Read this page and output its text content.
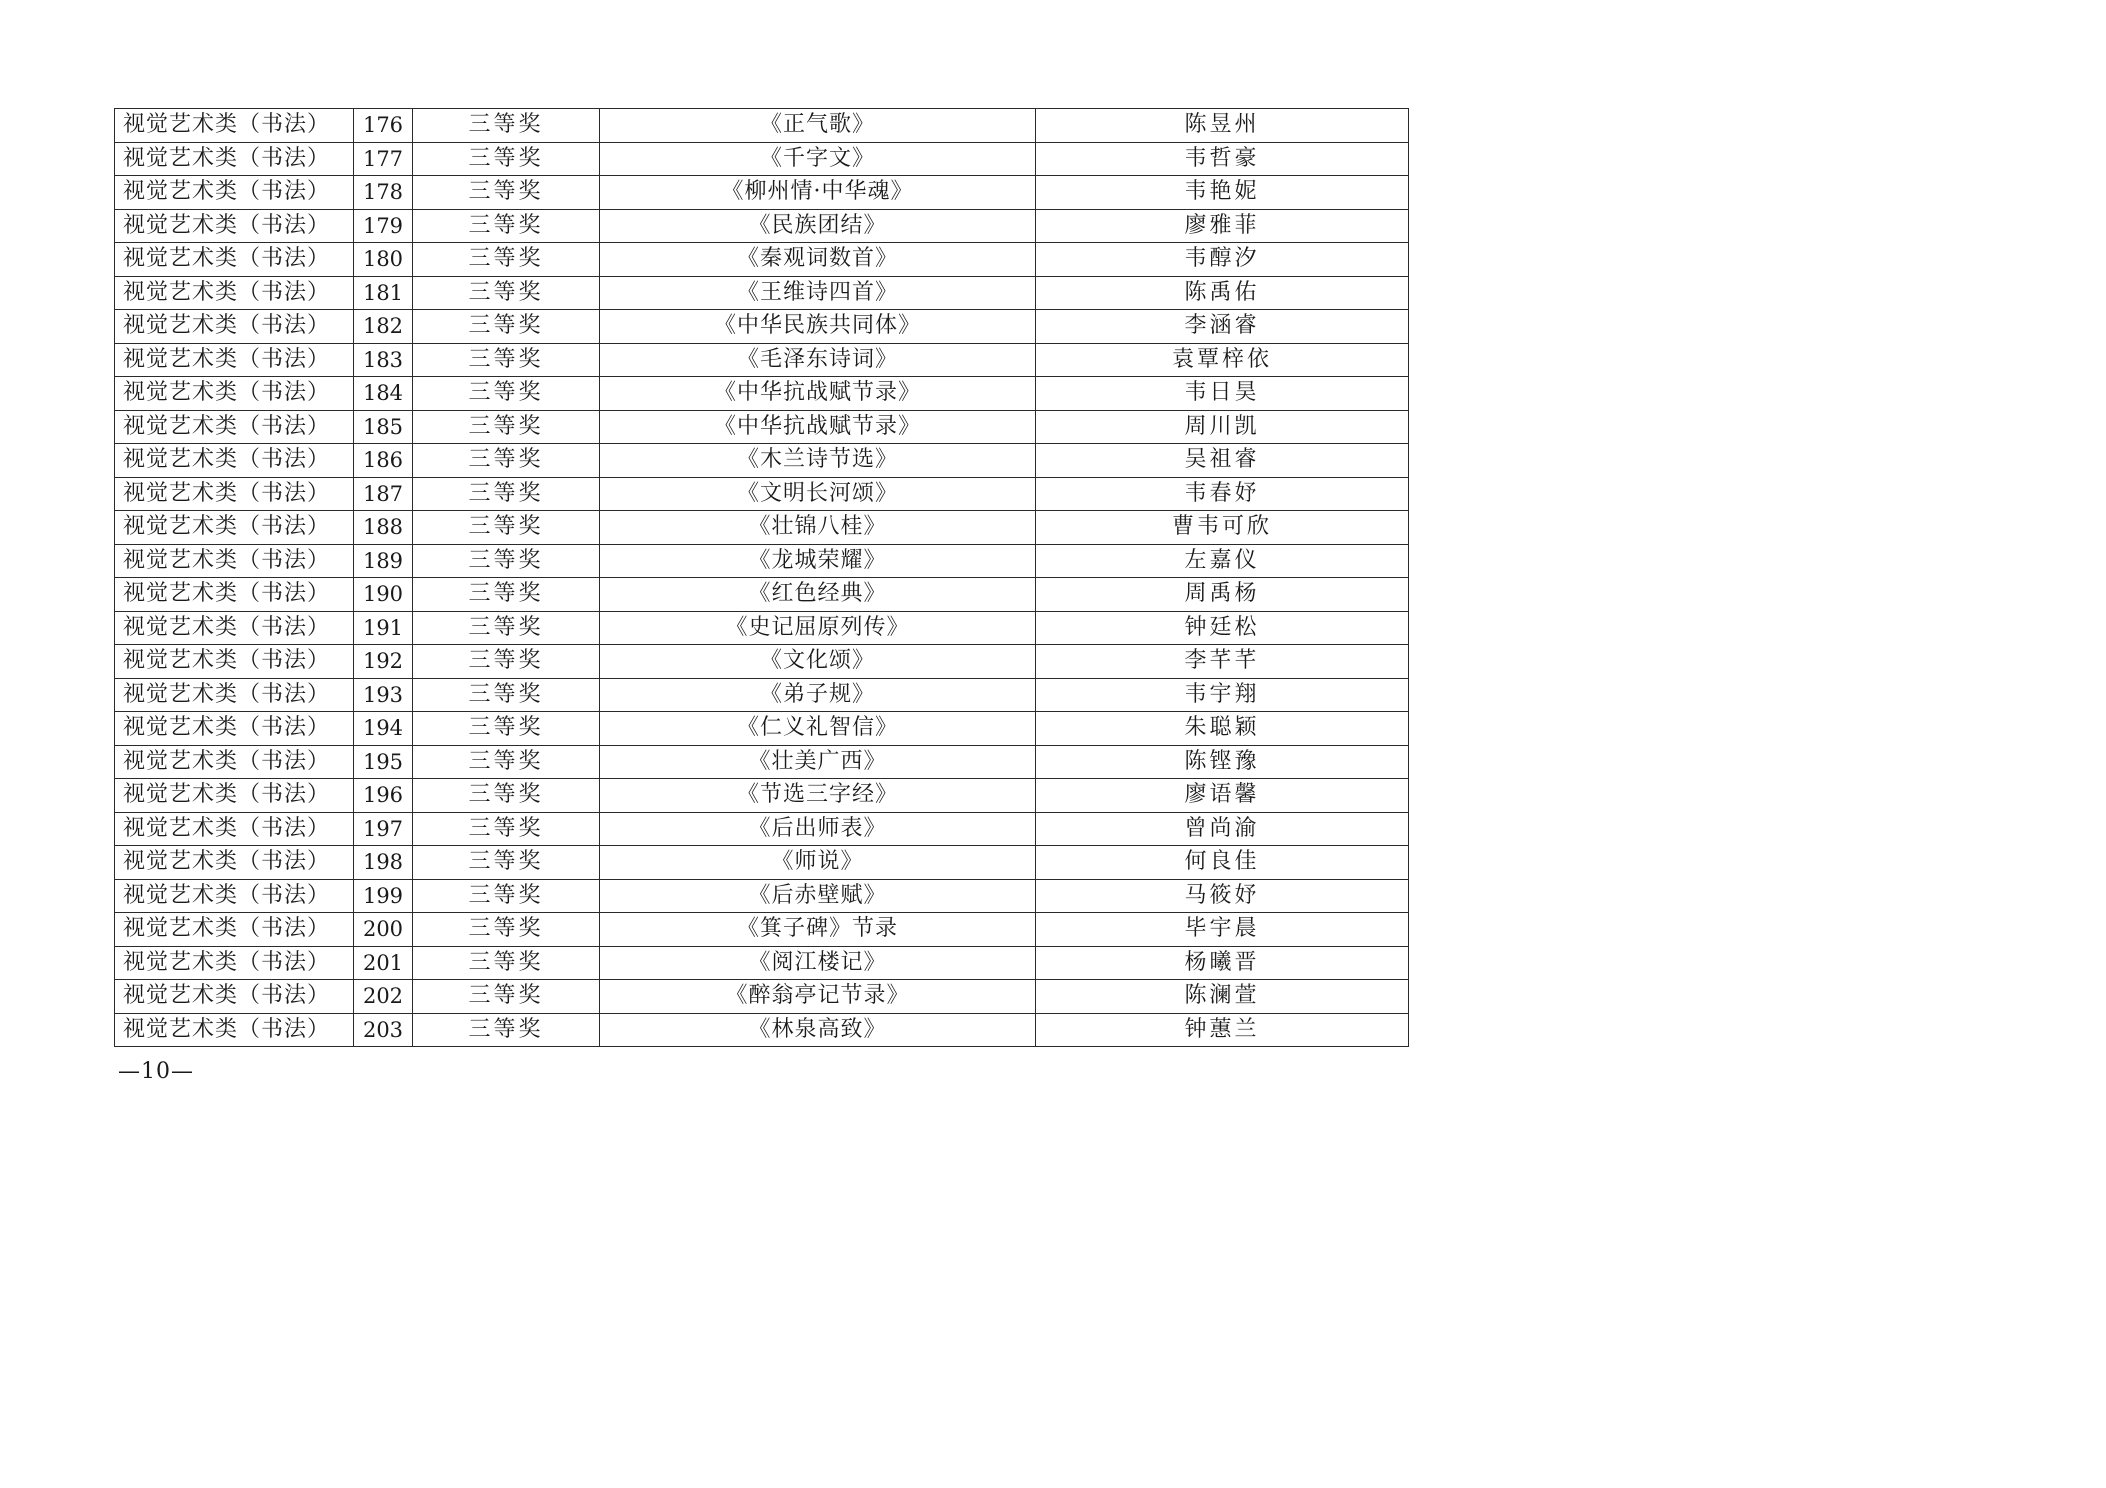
视觉艺术类（书法）	176	三等奖	《正气歌》	陈昱州
视觉艺术类（书法）	177	三等奖	《千字文》	韦哲豪
视觉艺术类（书法）	178	三等奖	《柳州情·中华魂》	韦艳妮
视觉艺术类（书法）	179	三等奖	《民族团结》	廖雅菲
视觉艺术类（书法）	180	三等奖	《秦观词数首》	韦醇汐
视觉艺术类（书法）	181	三等奖	《王维诗四首》	陈禹佑
视觉艺术类（书法）	182	三等奖	《中华民族共同体》	李涵睿
视觉艺术类（书法）	183	三等奖	《毛泽东诗词》	袁覃梓依
视觉艺术类（书法）	184	三等奖	《中华抗战赋节录》	韦日昊
视觉艺术类（书法）	185	三等奖	《中华抗战赋节录》	周川凯
视觉艺术类（书法）	186	三等奖	《木兰诗节选》	吴祖睿
视觉艺术类（书法）	187	三等奖	《文明长河颂》	韦春妤
视觉艺术类（书法）	188	三等奖	《壮锦八桂》	曹韦可欣
视觉艺术类（书法）	189	三等奖	《龙城荣耀》	左嘉仪
视觉艺术类（书法）	190	三等奖	《红色经典》	周禹杨
视觉艺术类（书法）	191	三等奖	《史记屈原列传》	钟廷松
视觉艺术类（书法）	192	三等奖	《文化颂》	李芊芊
视觉艺术类（书法）	193	三等奖	《弟子规》	韦宇翔
视觉艺术类（书法）	194	三等奖	《仁义礼智信》	朱聪颖
视觉艺术类（书法）	195	三等奖	《壮美广西》	陈铿豫
视觉艺术类（书法）	196	三等奖	《节选三字经》	廖语馨
视觉艺术类（书法）	197	三等奖	《后出师表》	曾尚渝
视觉艺术类（书法）	198	三等奖	《师说》	何良佳
视觉艺术类（书法）	199	三等奖	《后赤壁赋》	马筱妤
视觉艺术类（书法）	200	三等奖	《箕子碑》节录	毕宇晨
视觉艺术类（书法）	201	三等奖	《阅江楼记》	杨曦晋
视觉艺术类（书法）	202	三等奖	《醉翁亭记节录》	陈澜萱
视觉艺术类（书法）	203	三等奖	《林泉高致》	钟蕙兰
—10—
